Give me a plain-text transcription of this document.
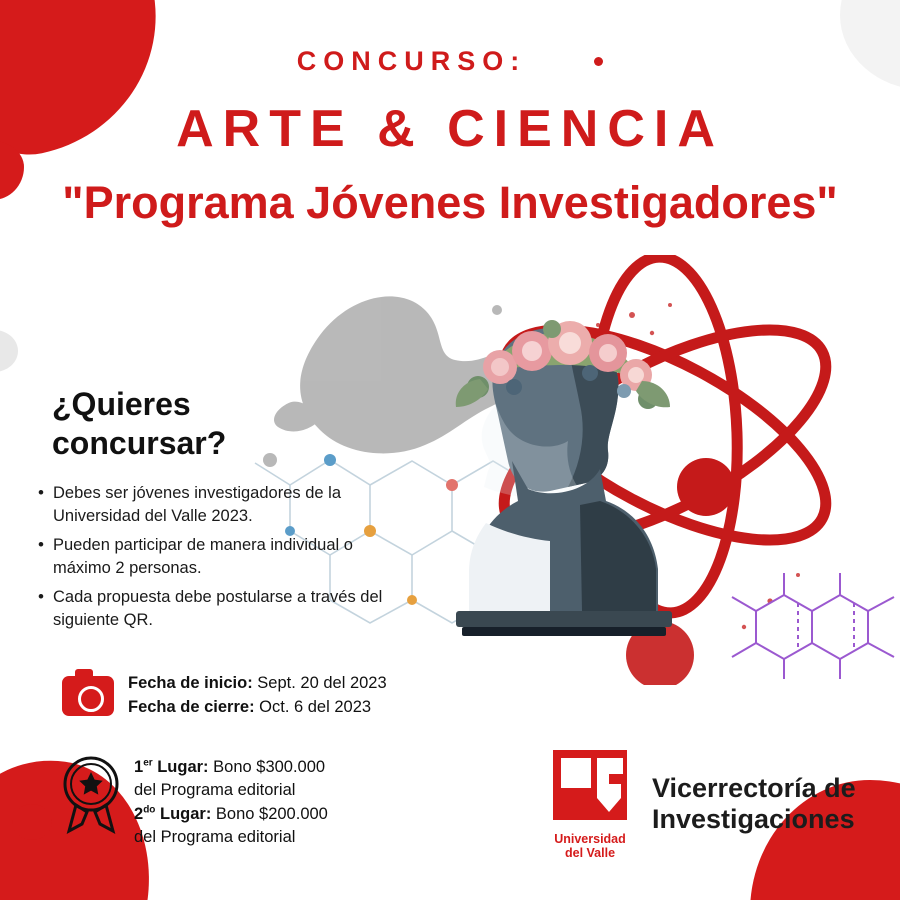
CONCURSO:

ARTE & CIENCIA
"Programa Jóvenes Investigadores"
¿Quieres
concursar?
• Debes ser jóvenes investigadores de la Universidad del Valle 2023.
• Pueden participar de manera individual o máximo 2 personas.
• Cada propuesta debe postularse a través del siguiente QR.
Fecha de inicio: Sept. 20 del 2023
Fecha de cierre: Oct. 6 del 2023
1er Lugar: Bono $300.000
del Programa editorial
$2^{do}$ Lugar: Bono $200.000
del Programa editorial	Universidad
del Valle
Vicerrectoría de
Investigaciones
